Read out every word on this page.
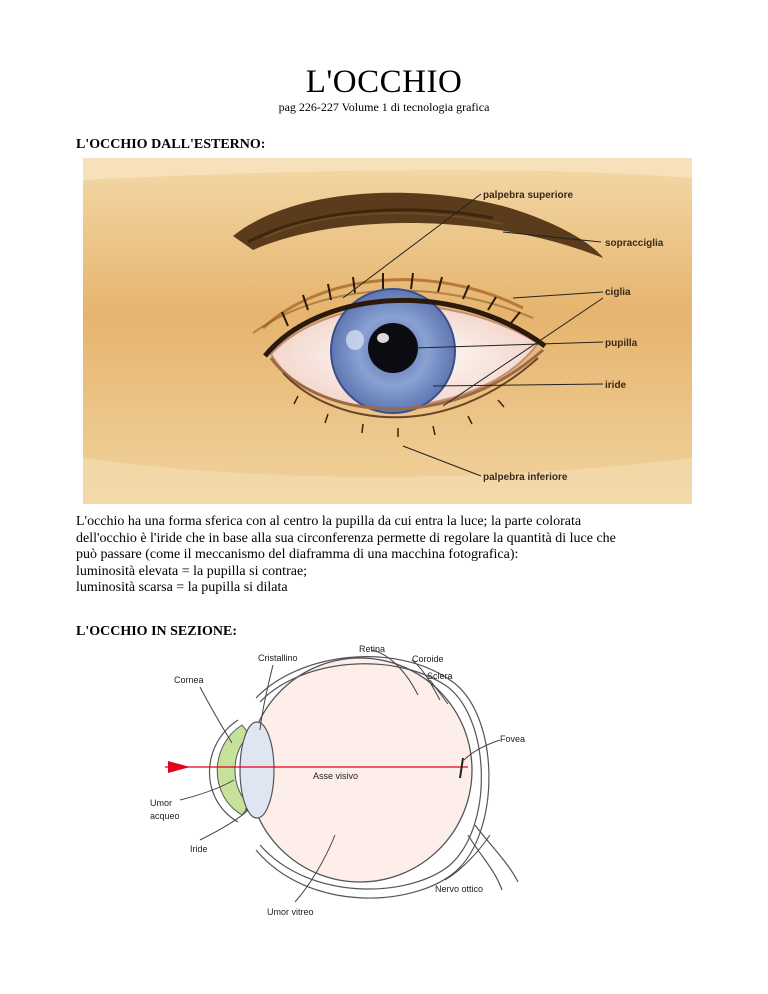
L'OCCHIO
pag 226-227 Volume 1 di tecnologia grafica
L'OCCHIO DALL'ESTERNO:
palpebra superiore
sopracciglia
ciglia
pupilla
iride
palpebra inferiore
L'occhio ha una forma sferica con al centro la pupilla da cui entra la luce; la parte colorata
dell'occhio è l'iride che in base alla sua circonferenza permette di regolare la quantità di luce che
può passare (come il meccanismo del diaframma di una macchina fotografica):
luminosità elevata = la pupilla si contrae;
luminosità scarsa = la pupilla si dilata
L'OCCHIO IN SEZIONE:
Cristallino
Retina
Coroide
Sclera
Cornea
Fovea
Asse visivo
Umor
acqueo
Iride
Nervo ottico
Umor vitreo
